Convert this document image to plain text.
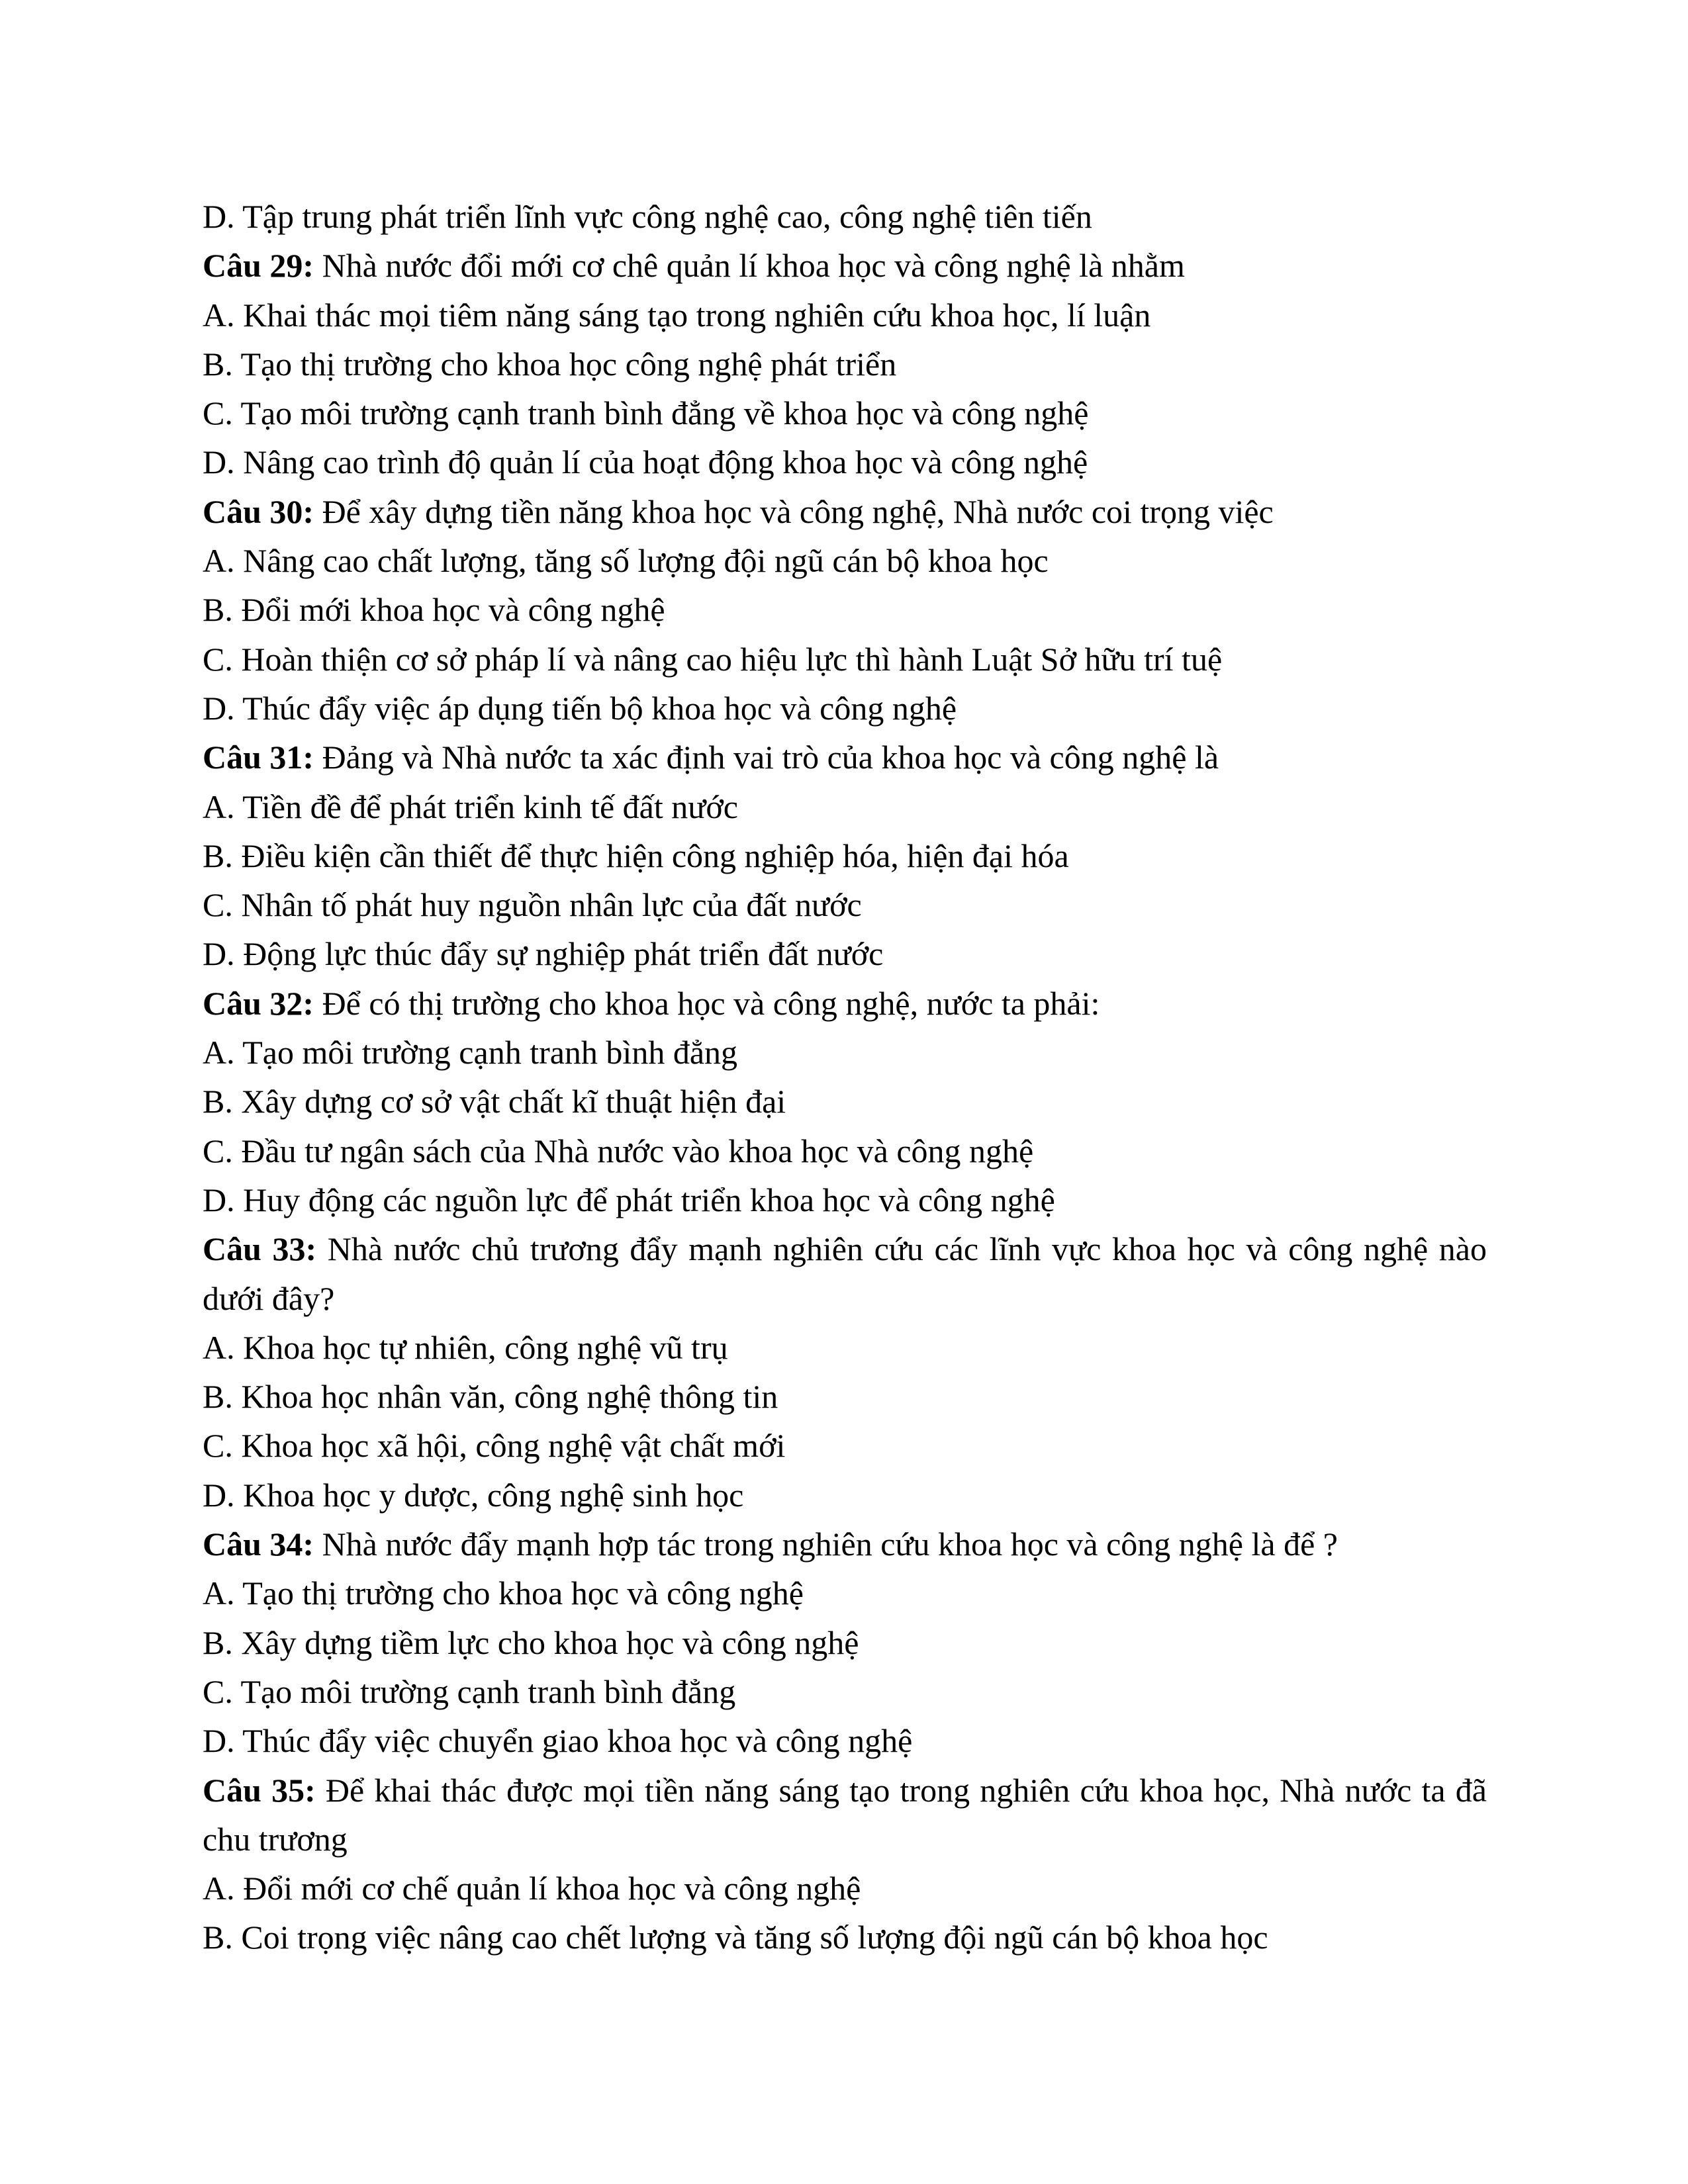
D. Tập trung phát triển lĩnh vực công nghệ cao, công nghệ tiên tiến
Câu 29: Nhà nước đổi mới cơ chê quản lí khoa học và công nghệ là nhằm
A. Khai thác mọi tiêm năng sáng tạo trong nghiên cứu khoa học, lí luận
B. Tạo thị trường cho khoa học công nghệ phát triển
C. Tạo môi trường cạnh tranh bình đẳng về khoa học và công nghệ
D. Nâng cao trình độ quản lí của hoạt động khoa học và công nghệ
Câu 30: Để xây dựng tiền năng khoa học và công nghệ, Nhà nước coi trọng việc
A. Nâng cao chất lượng, tăng số lượng đội ngũ cán bộ khoa học
B. Đổi mới khoa học và công nghệ
C. Hoàn thiện cơ sở pháp lí và nâng cao hiệu lực thì hành Luật Sở hữu trí tuệ
D. Thúc đẩy việc áp dụng tiến bộ khoa học và công nghệ
Câu 31: Đảng và Nhà nước ta xác định vai trò của khoa học và công nghệ là
A. Tiền đề để phát triển kinh tế đất nước
B. Điều kiện cần thiết để thực hiện công nghiệp hóa, hiện đại hóa
C. Nhân tố phát huy nguồn nhân lực của đất nước
D. Động lực thúc đẩy sự nghiệp phát triển đất nước
Câu 32: Để có thị trường cho khoa học và công nghệ, nước ta phải:
A. Tạo môi trường cạnh tranh bình đẳng
B. Xây dựng cơ sở vật chất kĩ thuật hiện đại
C. Đầu tư ngân sách của Nhà nước vào khoa học và công nghệ
D. Huy động các nguồn lực để phát triển khoa học và công nghệ
Câu 33: Nhà nước chủ trương đẩy mạnh nghiên cứu các lĩnh vực khoa học và công nghệ nào dưới đây?
A. Khoa học tự nhiên, công nghệ vũ trụ
B. Khoa học nhân văn, công nghệ thông tin
C. Khoa học xã hội, công nghệ vật chất mới
D. Khoa học y dược, công nghệ sinh học
Câu 34: Nhà nước đẩy mạnh hợp tác trong nghiên cứu khoa học và công nghệ là để ?
A. Tạo thị trường cho khoa học và công nghệ
B. Xây dựng tiềm lực cho khoa học và công nghệ
C. Tạo môi trường cạnh tranh bình đẳng
D. Thúc đẩy việc chuyển giao khoa học và công nghệ
Câu 35: Để khai thác được mọi tiền năng sáng tạo trong nghiên cứu khoa học, Nhà nước ta đã chu trương
A. Đổi mới cơ chế quản lí khoa học và công nghệ
B. Coi trọng việc nâng cao chết lượng và tăng số lượng đội ngũ cán bộ khoa học
